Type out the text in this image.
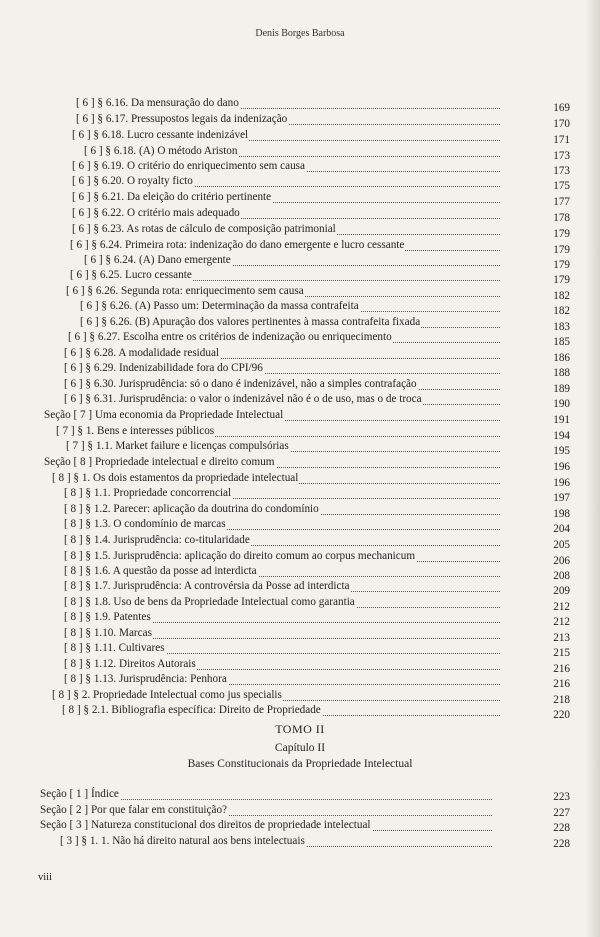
Denis Borges Barbosa
[ 6 ] § 6.16. Da mensuração do dano	169
[ 6 ] § 6.17. Pressupostos legais da indenização	170
[ 6 ] § 6.18. Lucro cessante indenizável	171
[ 6 ] § 6.18. (A) O método Ariston	173
[ 6 ] § 6.19. O critério do enriquecimento sem causa	173
[ 6 ] § 6.20. O royalty ficto	175
[ 6 ] § 6.21. Da eleição do critério pertinente	177
[ 6 ] § 6.22. O critério mais adequado	178
[ 6 ] § 6.23. As rotas de cálculo de composição patrimonial	179
[ 6 ] § 6.24. Primeira rota: indenização do dano emergente e lucro cessante	179
[ 6 ] § 6.24. (A) Dano emergente	179
[ 6 ] § 6.25. Lucro cessante	179
[ 6 ] § 6.26. Segunda rota: enriquecimento sem causa	182
[ 6 ] § 6.26. (A) Passo um: Determinação da massa contrafeita	182
[ 6 ] § 6.26. (B) Apuração dos valores pertinentes à massa contrafeita fixada	183
[ 6 ] § 6.27. Escolha entre os critérios de indenização ou enriquecimento	185
[ 6 ] § 6.28. A modalidade residual	186
[ 6 ] § 6.29. Indenizabilidade fora do CPI/96	188
[ 6 ] § 6.30. Jurisprudência: só o dano é indenizável, não a simples contrafação	189
[ 6 ] § 6.31. Jurisprudência: o valor o indenizável não é o de uso, mas o de troca	190
Seção [ 7 ] Uma economia da Propriedade Intelectual	191
[ 7 ] § 1. Bens e interesses públicos	194
[ 7 ] § 1.1. Market failure e licenças compulsórias	195
Seção [ 8 ] Propriedade intelectual e direito comum	196
[ 8 ] § 1. Os dois estamentos da propriedade intelectual	196
[ 8 ] § 1.1. Propriedade concorrencial	197
[ 8 ] § 1.2. Parecer: aplicação da doutrina do condomínio	198
[ 8 ] § 1.3. O condomínio de marcas	204
[ 8 ] § 1.4. Jurisprudência: co-titularidade	205
[ 8 ] § 1.5. Jurisprudência: aplicação do direito comum ao corpus mechanicum	206
[ 8 ] § 1.6. A questão da posse ad interdicta	208
[ 8 ] § 1.7. Jurisprudência: A controvérsia da Posse ad interdicta	209
[ 8 ] § 1.8. Uso de bens da Propriedade Intelectual como garantia	212
[ 8 ] § 1.9. Patentes	212
[ 8 ] § 1.10. Marcas	213
[ 8 ] § 1.11. Cultivares	215
[ 8 ] § 1.12. Direitos Autorais	216
[ 8 ] § 1.13. Jurisprudência: Penhora	216
[ 8 ] § 2. Propriedade Intelectual como jus specialis	218
[ 8 ] § 2.1. Bibliografia específica: Direito de Propriedade	220
Seção [ 1 ] Índice	223
Seção [ 2 ] Por que falar em constituição?	227
Seção [ 3 ] Natureza constitucional dos direitos de propriedade intelectual	228
[ 3 ] § 1. 1. Não há direito natural aos bens intelectuais	228
TOMO II
Capítulo II
Bases Constitucionais da Propriedade Intelectual
viii
